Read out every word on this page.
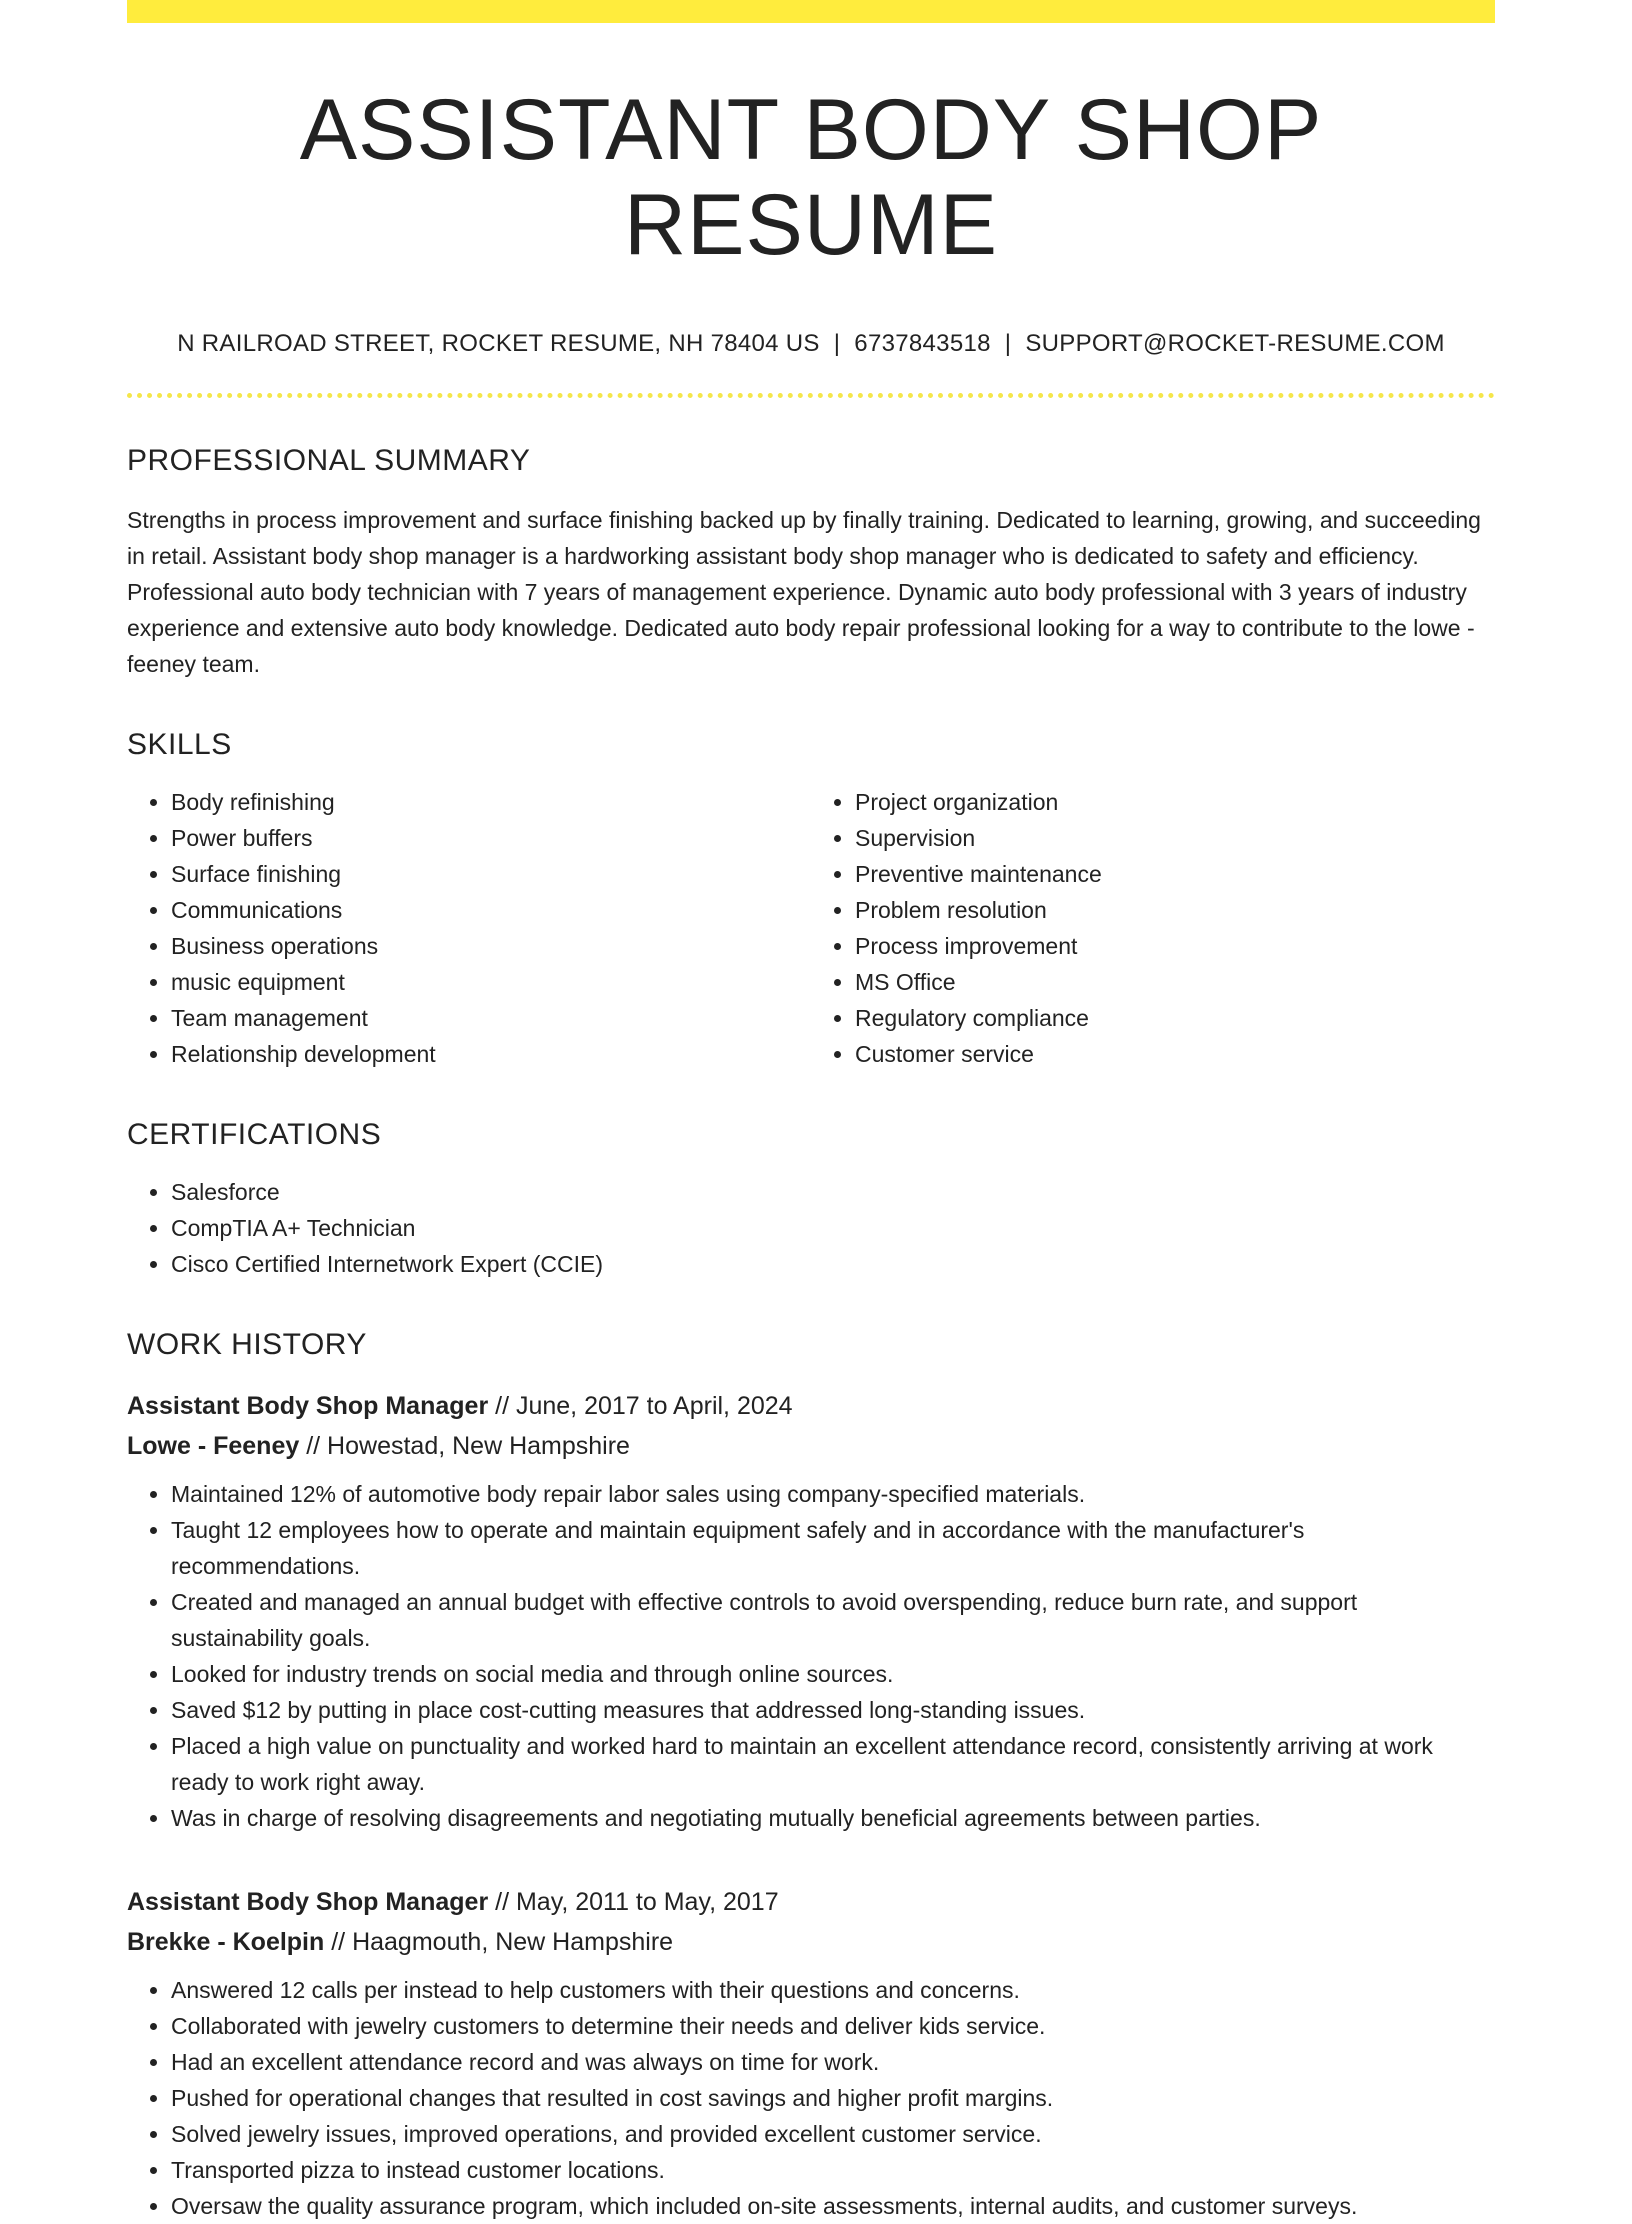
ASSISTANT BODY SHOP RESUME
N RAILROAD STREET, ROCKET RESUME, NH 78404 US | 6737843518 | SUPPORT@ROCKET-RESUME.COM
PROFESSIONAL SUMMARY
Strengths in process improvement and surface finishing backed up by finally training. Dedicated to learning, growing, and succeeding in retail. Assistant body shop manager is a hardworking assistant body shop manager who is dedicated to safety and efficiency. Professional auto body technician with 7 years of management experience. Dynamic auto body professional with 3 years of industry experience and extensive auto body knowledge. Dedicated auto body repair professional looking for a way to contribute to the lowe - feeney team.
SKILLS
• Body refinishing
• Power buffers
• Surface finishing
• Communications
• Business operations
• music equipment
• Team management
• Relationship development
• Project organization
• Supervision
• Preventive maintenance
• Problem resolution
• Process improvement
• MS Office
• Regulatory compliance
• Customer service
CERTIFICATIONS
• Salesforce
• CompTIA A+ Technician
• Cisco Certified Internetwork Expert (CCIE)
WORK HISTORY
Assistant Body Shop Manager // June, 2017 to April, 2024
Lowe - Feeney // Howestad, New Hampshire
• Maintained 12% of automotive body repair labor sales using company-specified materials.
• Taught 12 employees how to operate and maintain equipment safely and in accordance with the manufacturer's recommendations.
• Created and managed an annual budget with effective controls to avoid overspending, reduce burn rate, and support sustainability goals.
• Looked for industry trends on social media and through online sources.
• Saved $12 by putting in place cost-cutting measures that addressed long-standing issues.
• Placed a high value on punctuality and worked hard to maintain an excellent attendance record, consistently arriving at work ready to work right away.
• Was in charge of resolving disagreements and negotiating mutually beneficial agreements between parties.
Assistant Body Shop Manager // May, 2011 to May, 2017
Brekke - Koelpin // Haagmouth, New Hampshire
• Answered 12 calls per instead to help customers with their questions and concerns.
• Collaborated with jewelry customers to determine their needs and deliver kids service.
• Had an excellent attendance record and was always on time for work.
• Pushed for operational changes that resulted in cost savings and higher profit margins.
• Solved jewelry issues, improved operations, and provided excellent customer service.
• Transported pizza to instead customer locations.
• Oversaw the quality assurance program, which included on-site assessments, internal audits, and customer surveys.
